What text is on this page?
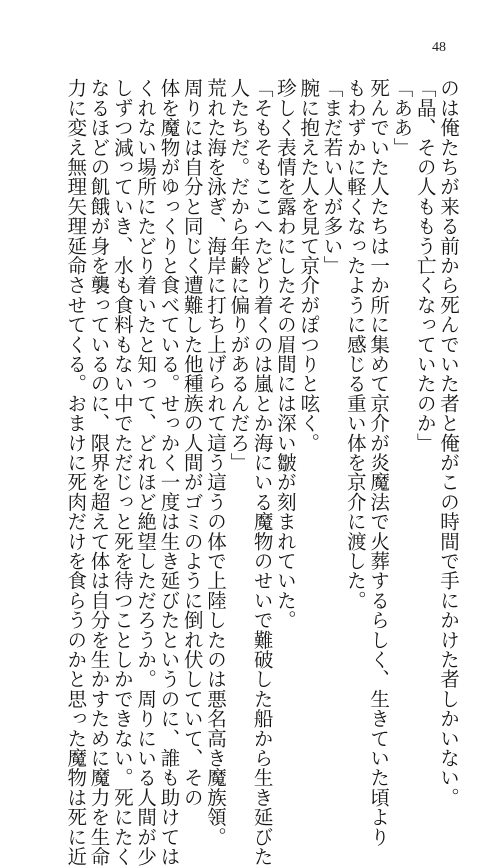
48

のは俺たちが来る前から死んでいた者と俺がこの時間で手にかけた者しかいない。

「晶、その人ももう亡くなっていたのか」

「ああ」

死んでいた人たちは一か所に集めて京介が炎魔法で火葬するらしく、生きていた頃より

もわずかに軽くなったように感じる重い体を京介に渡した。

「まだ若い人が多い」

腕に抱えた人を見て京介がぽつりと呟く。

珍しく表情を露わにしたその眉間には深い皺が刻まれていた。

「そもそもここへたどり着くのは嵐とか海にいる魔物のせいで難破した船から生き延びた

人たちだ。だから年齢に偏りがあるんだろ」

荒れた海を泳ぎ、海岸に打ち上げられて這う這うの体で上陸したのは悪名高き魔族領。

周りには自分と同じく遭難した他種族の人間がゴミのように倒れ伏していて、その

体を魔物がゆっくりと食べている。せっかく一度は生き延びたというのに、誰も助けては

くれない場所にたどり着いたと知って、どれほど絶望しただろうか。周りにいる人間が少

しずつ減っていき、水も食料もない中でただじっと死を待つことしかできない。死にたく

なるほどの飢餓が身を襲っているのに、限界を超えて体は自分を生かすために魔力を生命

力に変え無理矢理延命させてくる。おまけに死肉だけを食らうのかと思った魔物は死に近
